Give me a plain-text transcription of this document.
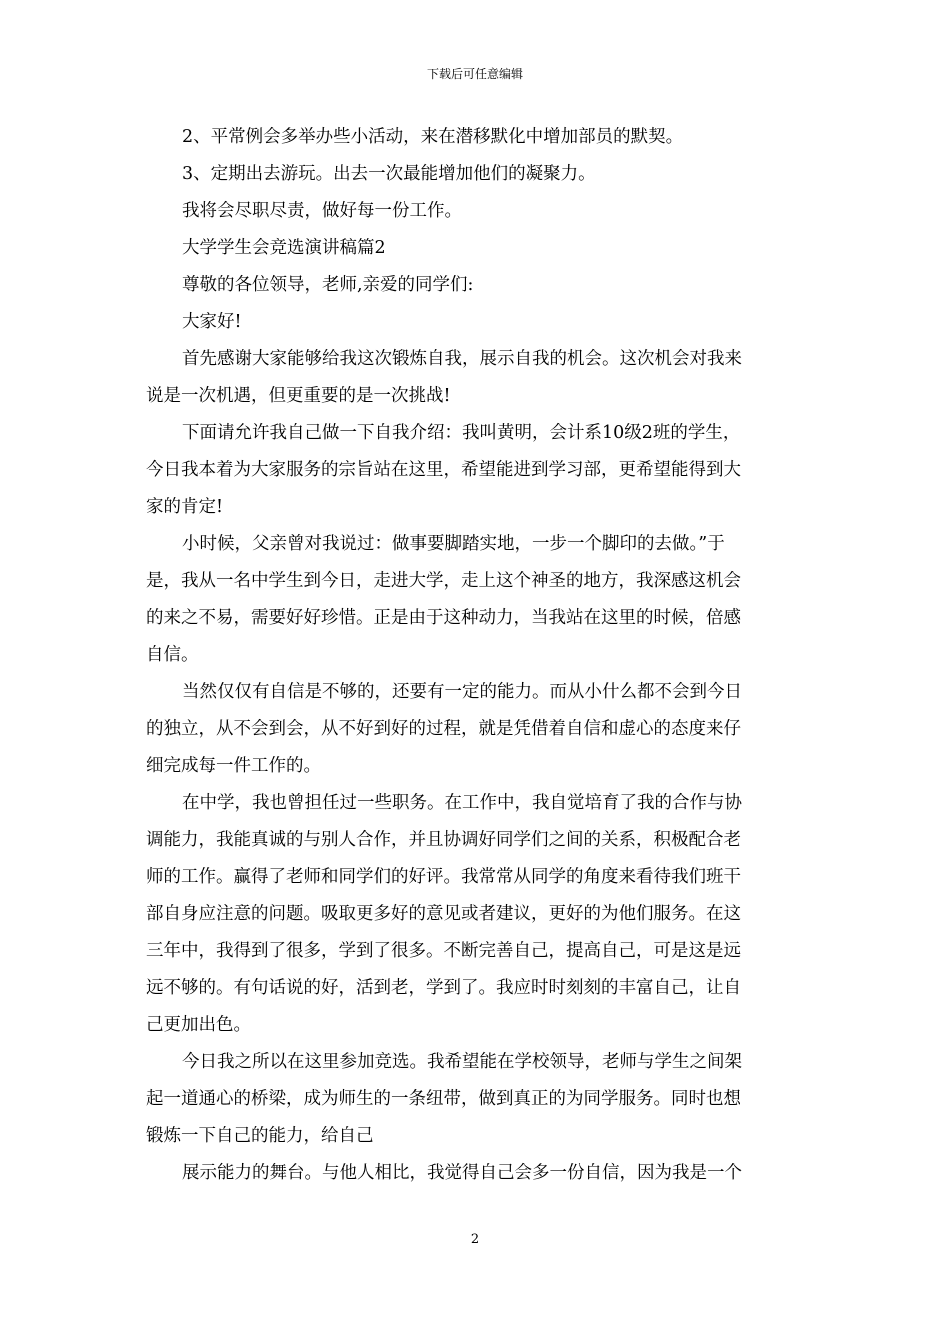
下载后可任意编辑

2、平常例会多举办些小活动，来在潜移默化中增加部员的默契。

3、定期出去游玩。出去一次最能增加他们的凝聚力。

我将会尽职尽责，做好每一份工作。

大学学生会竞选演讲稿篇2

尊敬的各位领导，老师,亲爱的同学们:

大家好!

首先感谢大家能够给我这次锻炼自我，展示自我的机会。这次机会对我来
说是一次机遇，但更重要的是一次挑战!

下面请允许我自己做一下自我介绍：我叫黄明，会计系10级2班的学生，
今日我本着为大家服务的宗旨站在这里，希望能进到学习部，更希望能得到大
家的肯定!

小时候，父亲曾对我说过：做事要脚踏实地，一步一个脚印的去做。”于
是，我从一名中学生到今日，走进大学，走上这个神圣的地方，我深感这机会
的来之不易，需要好好珍惜。正是由于这种动力，当我站在这里的时候，倍感
自信。

当然仅仅有自信是不够的，还要有一定的能力。而从小什么都不会到今日
的独立，从不会到会，从不好到好的过程，就是凭借着自信和虚心的态度来仔
细完成每一件工作的。

在中学，我也曾担任过一些职务。在工作中，我自觉培育了我的合作与协
调能力，我能真诚的与别人合作，并且协调好同学们之间的关系，积极配合老
师的工作。赢得了老师和同学们的好评。我常常从同学的角度来看待我们班干
部自身应注意的问题。吸取更多好的意见或者建议，更好的为他们服务。在这
三年中，我得到了很多，学到了很多。不断完善自己，提高自己，可是这是远
远不够的。有句话说的好，活到老，学到了。我应时时刻刻的丰富自己，让自
己更加出色。

今日我之所以在这里参加竞选。我希望能在学校领导，老师与学生之间架
起一道通心的桥梁，成为师生的一条纽带，做到真正的为同学服务。同时也想
锻炼一下自己的能力，给自己

展示能力的舞台。与他人相比，我觉得自己会多一份自信，因为我是一个

2
